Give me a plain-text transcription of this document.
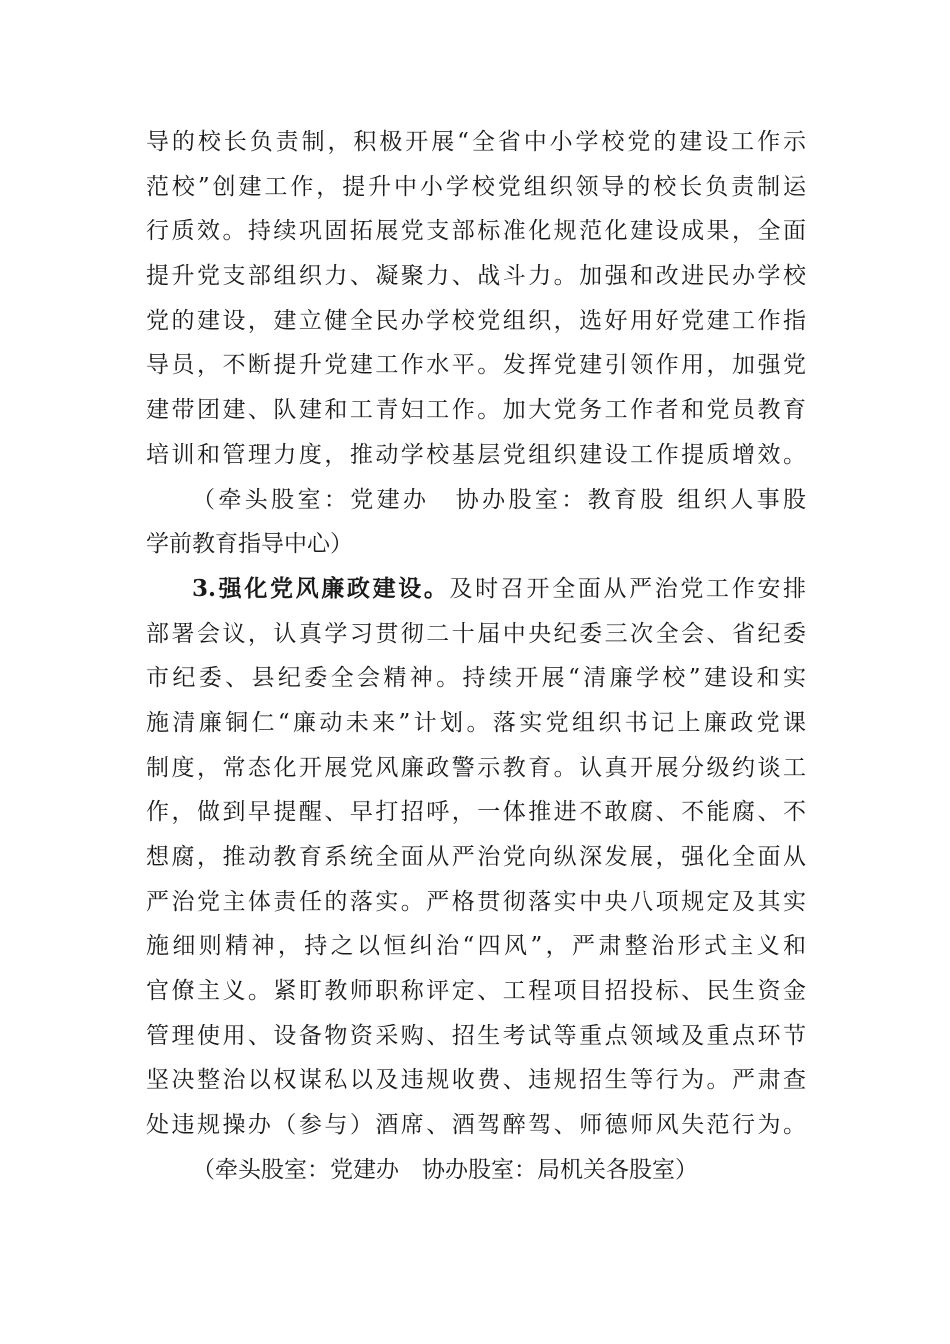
导的校长负责制，积极开展“全省中小学校党的建设工作示
范校”创建工作，提升中小学校党组织领导的校长负责制运
行质效。持续巩固拓展党支部标准化规范化建设成果，全面
提升党支部组织力、凝聚力、战斗力。加强和改进民办学校
党的建设，建立健全民办学校党组织，选好用好党建工作指
导员，不断提升党建工作水平。发挥党建引领作用，加强党
建带团建、队建和工青妇工作。加大党务工作者和党员教育
培训和管理力度，推动学校基层党组织建设工作提质增效。
（牵头股室：党建办　协办股室：教育股 组织人事股
学前教育指导中心）
3.强化党风廉政建设。及时召开全面从严治党工作安排
部署会议，认真学习贯彻二十届中央纪委三次全会、省纪委
市纪委、县纪委全会精神。持续开展“清廉学校”建设和实
施清廉铜仁“廉动未来”计划。落实党组织书记上廉政党课
制度，常态化开展党风廉政警示教育。认真开展分级约谈工
作，做到早提醒、早打招呼，一体推进不敢腐、不能腐、不
想腐，推动教育系统全面从严治党向纵深发展，强化全面从
严治党主体责任的落实。严格贯彻落实中央八项规定及其实
施细则精神，持之以恒纠治“四风”，严肃整治形式主义和
官僚主义。紧盯教师职称评定、工程项目招投标、民生资金
管理使用、设备物资采购、招生考试等重点领域及重点环节
坚决整治以权谋私以及违规收费、违规招生等行为。严肃查
处违规操办（参与）酒席、酒驾醉驾、师德师风失范行为。
（牵头股室：党建办　协办股室：局机关各股室）
